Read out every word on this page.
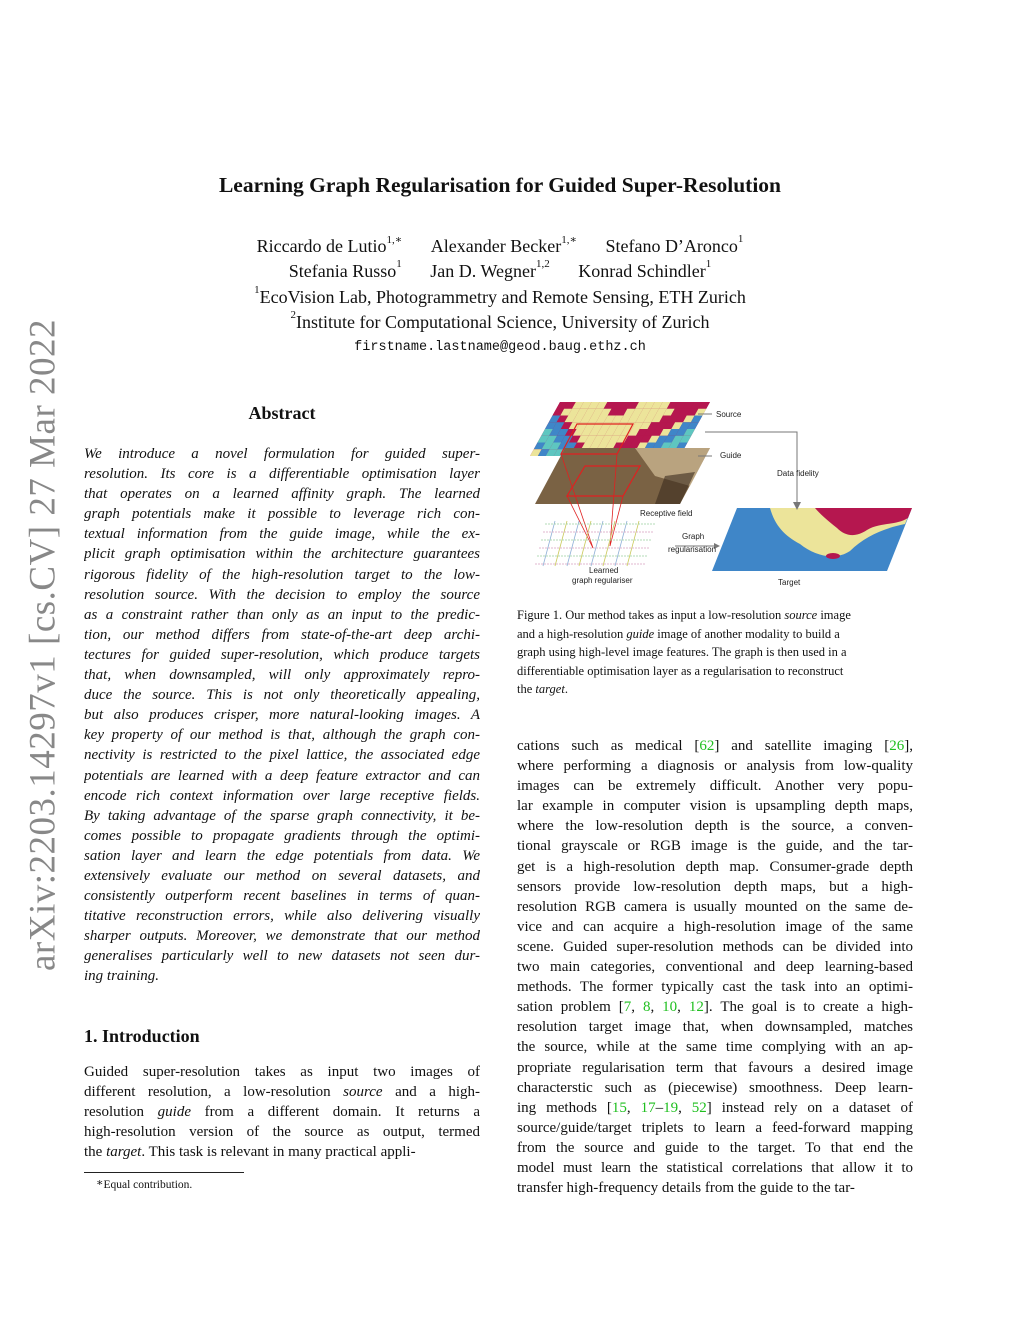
arXiv:2203.14297v1 [cs.CV] 27 Mar 2022
Learning Graph Regularisation for Guided Super-Resolution
Riccardo de Lutio$^{1,∗}$ Alexander Becker$^{1,∗}$ Stefano D’Aronco$^1$
Stefania Russo$^1$ Jan D. Wegner$^{1,2}$ Konrad Schindler$^1$
$^1$EcoVision Lab, Photogrammetry and Remote Sensing, ETH Zurich
$^2$Institute for Computational Science, University of Zurich
firstname.lastname@geod.baug.ethz.ch
Abstract
We introduce a novel formulation for guided super-
resolution. Its core is a differentiable optimisation layer
that operates on a learned affinity graph. The learned
graph potentials make it possible to leverage rich con-
textual information from the guide image, while the ex-
plicit graph optimisation within the architecture guarantees
rigorous fidelity of the high-resolution target to the low-
resolution source. With the decision to employ the source
as a constraint rather than only as an input to the predic-
tion, our method differs from state-of-the-art deep archi-
tectures for guided super-resolution, which produce targets
that, when downsampled, will only approximately repro-
duce the source. This is not only theoretically appealing,
but also produces crisper, more natural-looking images. A
key property of our method is that, although the graph con-
nectivity is restricted to the pixel lattice, the associated edge
potentials are learned with a deep feature extractor and can
encode rich context information over large receptive fields.
By taking advantage of the sparse graph connectivity, it be-
comes possible to propagate gradients through the optimi-
sation layer and learn the edge potentials from data. We
extensively evaluate our method on several datasets, and
consistently outperform recent baselines in terms of quan-
titative reconstruction errors, while also delivering visually
sharper outputs. Moreover, we demonstrate that our method
generalises particularly well to new datasets not seen dur-
ing training.
1. Introduction
Guided super-resolution takes as input two images of
different resolution, a low-resolution source and a high-
resolution guide from a different domain. It returns a
high-resolution version of the source as output, termed
the target. This task is relevant in many practical appli-
∗Equal contribution.
Source
Guide
Data fidelity
Receptive field
Graph
regularisation
Learned
graph regulariser	Target
Figure 1. Our method takes as input a low-resolution source image
and a high-resolution guide image of another modality to build a
graph using high-level image features. The graph is then used in a
differentiable optimisation layer as a regularisation to reconstruct
the target.
cations such as medical [62] and satellite imaging [26],
where performing a diagnosis or analysis from low-quality
images can be extremely difficult. Another very popu-
lar example in computer vision is upsampling depth maps,
where the low-resolution depth is the source, a conven-
tional grayscale or RGB image is the guide, and the tar-
get is a high-resolution depth map. Consumer-grade depth
sensors provide low-resolution depth maps, but a high-
resolution RGB camera is usually mounted on the same de-
vice and can acquire a high-resolution image of the same
scene. Guided super-resolution methods can be divided into
two main categories, conventional and deep learning-based
methods. The former typically cast the task into an optimi-
sation problem [7, 8, 10, 12]. The goal is to create a high-
resolution target image that, when downsampled, matches
the source, while at the same time complying with an ap-
propriate regularisation term that favours a desired image
characterstic such as (piecewise) smoothness. Deep learn-
ing methods [15, 17–19, 52] instead rely on a dataset of
source/guide/target triplets to learn a feed-forward mapping
from the source and guide to the target. To that end the
model must learn the statistical correlations that allow it to
transfer high-frequency details from the guide to the tar-
